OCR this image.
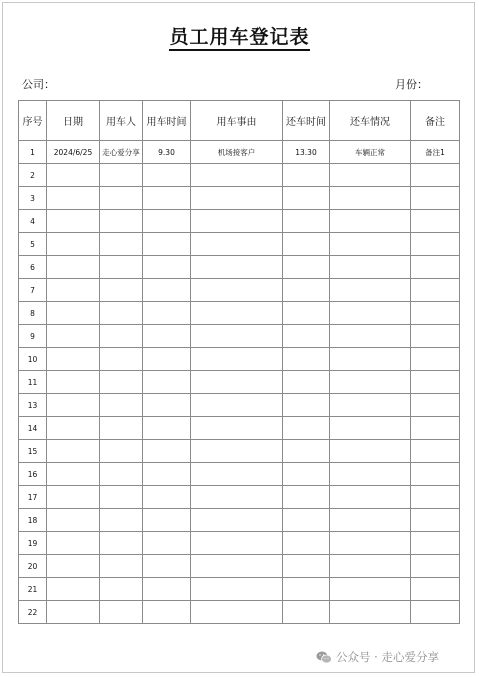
员工用车登记表
公司：	月份：
序号	日期	用车人	用车时间	用车事由	还车时间	还车情况	备注
1	2024/6/25	走心爱分享	9.30	机场接客户	13.30	车辆正常	备注1
2							
3							
4							
5							
6							
7							
8							
9							
10							
11							
13							
14							
15							
16							
17							
18							
19							
20							
21							
22							
公众号 · 走心爱分享
